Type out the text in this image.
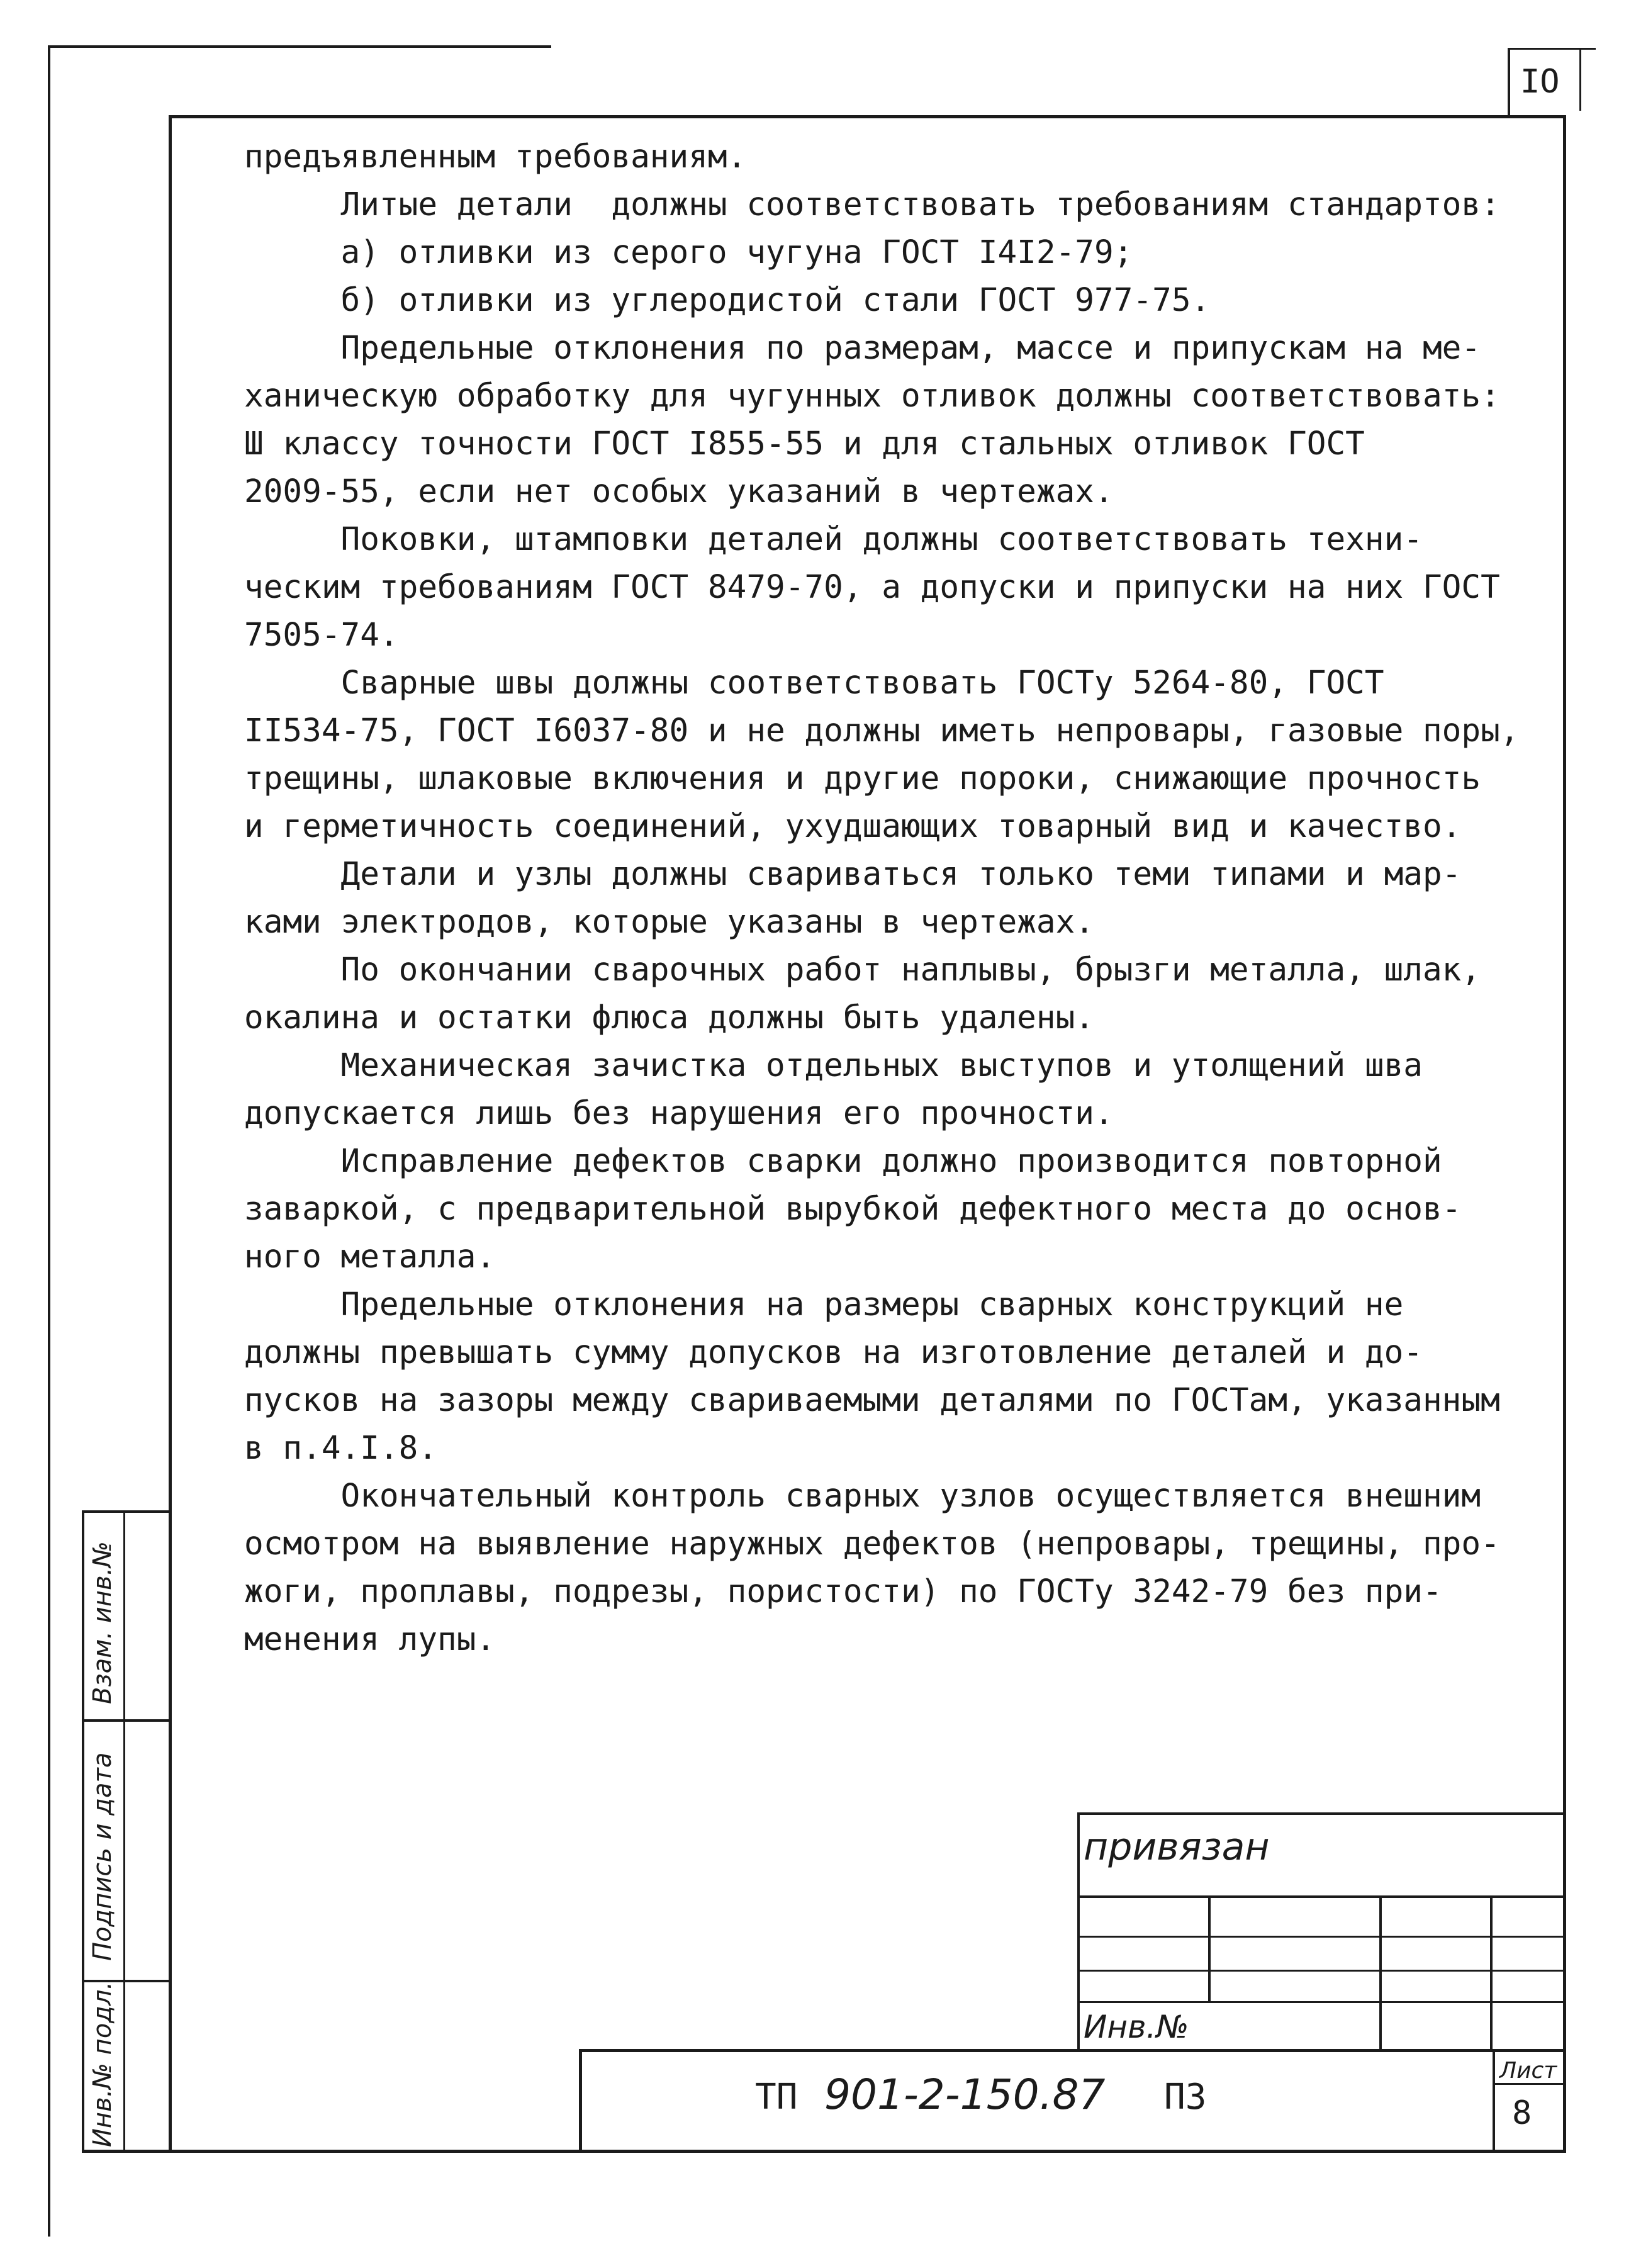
IO
предъявленным требованиям.
Литые детали  должны соответствовать требованиям стандартов:
а) отливки из серого чугуна ГОСТ I4I2-79;
б) отливки из углеродистой стали ГОСТ 977-75.
Предельные отклонения по размерам, массе и припускам на ме-
ханическую обработку для чугунных отливок должны соответствовать:
Ш классу точности ГОСТ I855-55 и для стальных отливок ГОСТ
2009-55, если нет особых указаний в чертежах.
Поковки, штамповки деталей должны соответствовать техни-
ческим требованиям ГОСТ 8479-70, а допуски и припуски на них ГОСТ
7505-74.
Сварные швы должны соответствовать ГОСТу 5264-80, ГОСТ
II534-75, ГОСТ I6037-80 и не должны иметь непровары, газовые поры,
трещины, шлаковые включения и другие пороки, снижающие прочность
и герметичность соединений, ухудшающих товарный вид и качество.
Детали и узлы должны свариваться только теми типами и мар-
ками электродов, которые указаны в чертежах.
По окончании сварочных работ наплывы, брызги металла, шлак,
окалина и остатки флюса должны быть удалены.
Механическая зачистка отдельных выступов и утолщений шва
допускается лишь без нарушения его прочности.
Исправление дефектов сварки должно производится повторной
заваркой, с предварительной вырубкой дефектного места до основ-
ного металла.
Предельные отклонения на размеры сварных конструкций не
должны превышать сумму допусков на изготовление деталей и до-
пусков на зазоры между свариваемыми деталями по ГОСТам, указанным
в п.4.I.8.
Окончательный контроль сварных узлов осуществляется внешним
осмотром на выявление наружных дефектов (непровары, трещины, про-
жоги, проплавы, подрезы, пористости) по ГОСТу 3242-79 без при-
менения лупы.
привязан
Инв.№
ТП 901-2-150.87 ПЗ
Лист
8
Взам. инв.№
Подпись и дата
Инв.№ подл.
